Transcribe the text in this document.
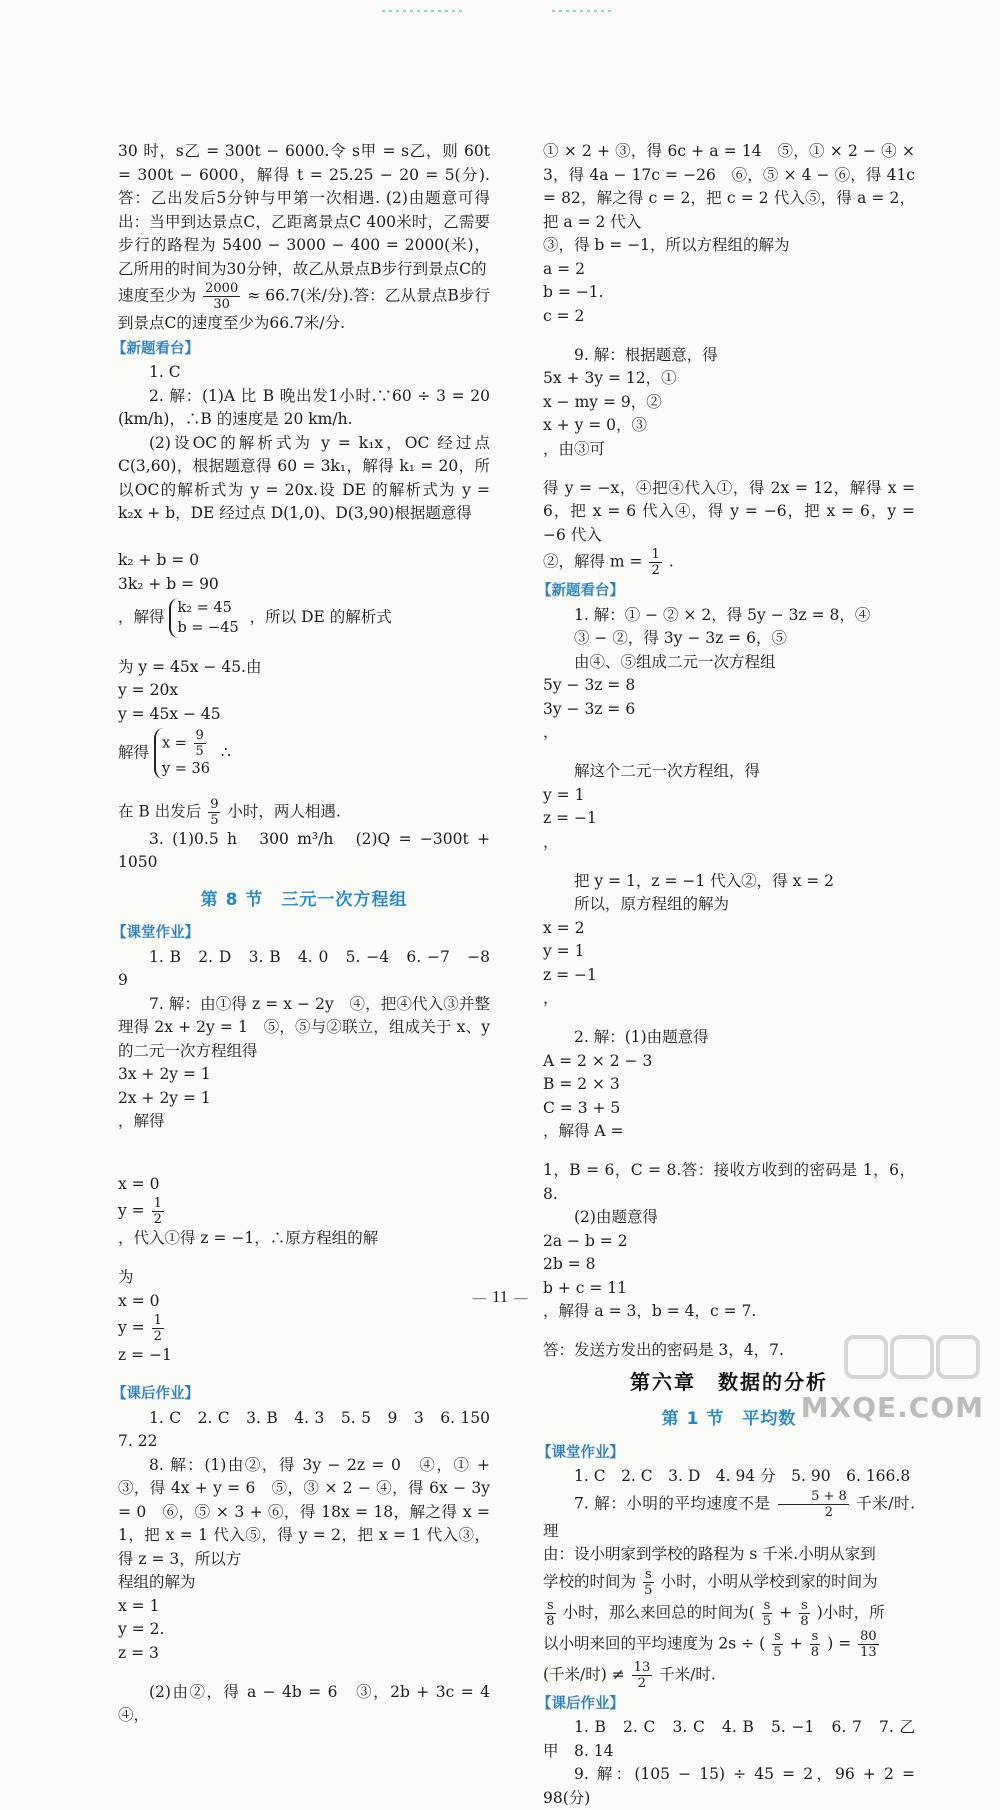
30 时，s乙 = 300t − 6000.令 s甲 = s乙，则 60t = 300t − 6000，解得 t = 25.25 − 20 = 5(分).答：乙出发后5分钟与甲第一次相遇. (2)由题意可得出：当甲到达景点C，乙距离景点C 400米时，乙需要步行的路程为 5400 − 3000 − 400 = 2000(米)，乙所用的时间为30分钟，故乙从景点B步行到景点C的

速度至少为 $\frac{2000}{30} \approx 66.7$(米/分).答：乙从景点B步行到景点C的速度至少为66.7米/分.

【新题看台】

1. C

2. 解：(1)A 比 B 晚出发1小时.∵60 ÷ 3 = 20 (km/h)，∴B 的速度是 20 km/h.

(2)设OC的解析式为 y = k₁x，OC 经过点C(3,60)，根据题意得 60 = 3k₁，解得 k₁ = 20，所以OC的解析式为 y = 20x.设 DE 的解析式为 y = k₂x + b，DE 经过点 D(1,0)、D(3,90)根据题意得

k₂ + b = 0
3k₂ + b = 90
，解得 k₂ = 45
b = −45
，所以 DE 的解析式

为 y = 45x − 45.由

y = 20x
y = 45x − 45
解得 $x = \frac{9}{5}$
y = 36
∴

在 B 出发后 $\frac{9}{5}$ 小时，两人相遇.

3. (1)0.5 h　300 m³/h　(2)Q = −300t + 1050

第 8 节　三元一次方程组
【课堂作业】

1. B　2. D　3. B　4. 0　5. −4　6. −7　−8　9

7. 解：由①得 z = x − 2y　④，把④代入③并整理得 2x + 2y = 1　⑤，⑤与②联立，组成关于 x、y 的二元一次方程组得

3x + 2y = 1
2x + 2y = 1
，解得

x = 0
$y = \frac{1}{2}$
，代入①得 z = −1，∴原方程组的解

为

x = 0
$y = \frac{1}{2}$
z = −1

【课后作业】

1. C　2. C　3. B　4. 3　5. 5　9　3　6. 150　7. 22

8. 解：(1)由②，得 3y − 2z = 0　④，① + ③，得 4x + y = 6　⑤，③ × 2 − ④，得 6x − 3y = 0　⑥，⑤ × 3 + ⑥，得 18x = 18，解之得 x = 1，把 x = 1 代入⑤，得 y = 2，把 x = 1 代入③，得 z = 3，所以方

程组的解为

x = 1
y = 2.
z = 3

(2)由②，得 a − 4b = 6　③，2b + 3c = 4　④，

① × 2 + ③，得 6c + a = 14　⑤，① × 2 − ④ × 3，得 4a − 17c = −26　⑥，⑤ × 4 − ⑥，得 41c = 82，解之得 c = 2，把 c = 2 代入⑤，得 a = 2，把 a = 2 代入

③，得 b = −1，所以方程组的解为

a = 2
b = −1.
c = 2

9. 解：根据题意，得

5x + 3y = 12，①
x − my = 9，②
x + y = 0，③
，由③可

得 y = −x，④把④代入①，得 2x = 12，解得 x = 6，把 x = 6 代入④，得 y = −6，把 x = 6，y = −6 代入

②，解得 $m = \frac{1}{2}$ .

【新题看台】

1. 解：① − ② × 2，得 5y − 3z = 8，④

③ − ②，得 3y − 3z = 6，⑤

由④、⑤组成二元一次方程组

5y − 3z = 8
3y − 3z = 6
，

解这个二元一次方程组，得

y = 1
z = −1
，

把 y = 1，z = −1 代入②，得 x = 2

所以，原方程组的解为

x = 2
y = 1
z = −1
，

2. 解：(1)由题意得

A = 2 × 2 − 3
B = 2 × 3
C = 3 + 5
，解得 A =

1，B = 6，C = 8.答：接收方收到的密码是 1，6，8.

(2)由题意得

2a − b = 2
2b = 8
b + c = 11
，解得 a = 3，b = 4，c = 7.

答：发送方发出的密码是 3，4，7.

第六章　数据的分析
第 1 节　平均数
【课堂作业】

1. C　2. C　3. D　4. 94 分　5. 90　6. 166.8

7. 解：小明的平均速度不是 $\frac{5 + 8}{2}$ 千米/时.理

由：设小明家到学校的路程为 s 千米.小明从家到

学校的时间为 $\frac{s}{5}$ 小时，小明从学校到家的时间为

$\frac{s}{8}$ 小时，那么来回总的时间为( $\frac{s}{5} + \frac{s}{8}$ )小时，所

以小明来回的平均速度为 2s ÷ ( $\frac{s}{5} + \frac{s}{8}$ ) = $\frac{80}{13}$

(千米/时) ≠ $\frac{13}{2}$ 千米/时.

【课后作业】

1. B　2. C　3. C　4. B　5. −1　6. 7　7. 乙 甲　8. 14

9. 解：(105 − 15) ÷ 45 = 2，96 + 2 = 98(分)

— 11 —
MXQE.COM
